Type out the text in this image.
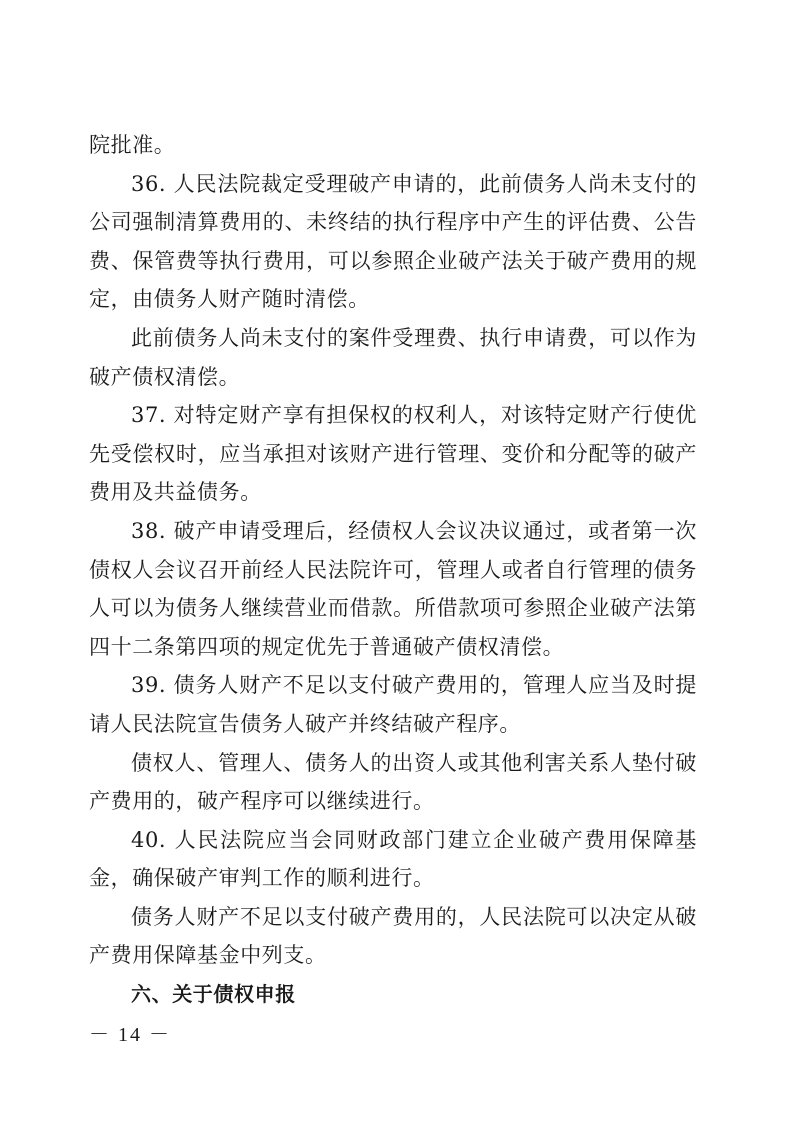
院批准。

36. 人民法院裁定受理破产申请的，此前债务人尚未支付的公司强制清算费用的、未终结的执行程序中产生的评估费、公告费、保管费等执行费用，可以参照企业破产法关于破产费用的规定，由债务人财产随时清偿。

此前债务人尚未支付的案件受理费、执行申请费，可以作为破产债权清偿。

37. 对特定财产享有担保权的权利人，对该特定财产行使优先受偿权时，应当承担对该财产进行管理、变价和分配等的破产费用及共益债务。

38. 破产申请受理后，经债权人会议决议通过，或者第一次债权人会议召开前经人民法院许可，管理人或者自行管理的债务人可以为债务人继续营业而借款。所借款项可参照企业破产法第四十二条第四项的规定优先于普通破产债权清偿。

39. 债务人财产不足以支付破产费用的，管理人应当及时提请人民法院宣告债务人破产并终结破产程序。

债权人、管理人、债务人的出资人或其他利害关系人垫付破产费用的，破产程序可以继续进行。

40. 人民法院应当会同财政部门建立企业破产费用保障基金，确保破产审判工作的顺利进行。

债务人财产不足以支付破产费用的，人民法院可以决定从破产费用保障基金中列支。

六、关于债权申报

－ 14 －
